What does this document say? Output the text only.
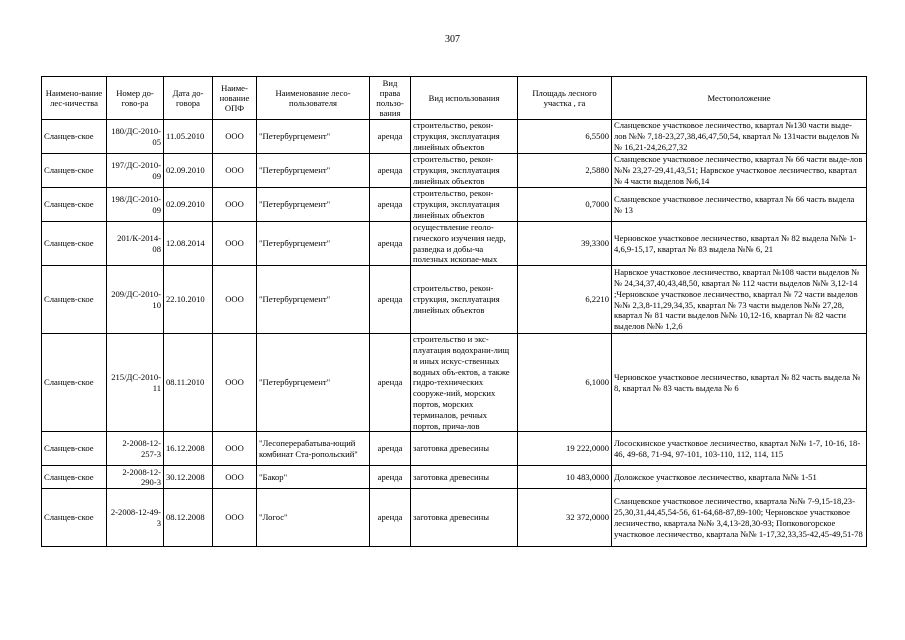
307
Наимено-вание лес-ничества	Номер до-гово-ра	Дата до-говора	Наиме-нование ОПФ	Наименование лесо-пользователя	Вид права пользо-вания	Вид использования	Площадь лесного участка , га	Местоположение
Сланцев-ское	180/ДС-2010-05	11.05.2010	ООО	"Петербургцемент"	аренда	строительство, рекон-струкция, эксплуатация линейных объектов	6,5500	Сланцевское участковое лесничество, квартал №130 части выде-лов №№ 7,18-23,27,38,46,47,50,54, квартал № 131части выделов №№ 16,21-24,26,27,32
Сланцев-ское	197/ДС-2010-09	02.09.2010	ООО	"Петербургцемент"	аренда	строительство, рекон-струкция, эксплуатация линейных объектов	2,5880	Сланцевское участковое лесничество, квартал № 66 части выде-лов №№ 23,27-29,41,43,51; Нарвское участковое лесничество, квартал № 4 части выделов №6,14
Сланцев-ское	198/ДС-2010-09	02.09.2010	ООО	"Петербургцемент"	аренда	строительство, рекон-струкция, эксплуатация линейных объектов	0,7000	Сланцевское участковое лесничество, квартал № 66 часть выдела № 13
Сланцев-ское	201/К-2014-08	12.08.2014	ООО	"Петербургцемент"	аренда	осуществление геоло-гического изучения недр, разведка и добы-ча полезных ископае-мых	39,3300	Черновское участковое лесничество, квартал № 82 выдела №№ 1-4,6,9-15,17, квартал № 83 выдела №№ 6, 21
Сланцев-ское	209/ДС-2010-10	22.10.2010	ООО	"Петербургцемент"	аренда	строительство, рекон-струкция, эксплуатация линейных объектов	6,2210	Нарвское участковое лесничество, квартал №108 части выделов №№ 24,34,37,40,43,48,50, квартал № 112 части выделов №№ 3,12-14 ;Черновское участковое лесничество, квартал № 72 части выделов №№ 2,3,8-11,29,34,35, квартал № 73 части выделов №№ 27,28, квартал № 81 части выделов №№ 10,12-16, квартал № 82 части выделов №№ 1,2,6
Сланцев-ское	215/ДС-2010-11	08.11.2010	ООО	"Петербургцемент"	аренда	строительство и экс-плуатация водохрани-лищ и иных искус-ственных водных объ-ектов, а также гидро-технических сооруже-ний, морских портов, морских терминалов, речных портов, прича-лов	6,1000	Черновское участковое лесничество, квартал № 82 часть выдела № 8, квартал № 83 часть выдела № 6
Сланцев-ское	2-2008-12-257-3	16.12.2008	ООО	"Лесоперерабатыва-ющий комбинат Ста-ропольский"	аренда	заготовка древесины	19 222,0000	Лососкинское участковое лесничество, квартал №№ 1-7, 10-16, 18-46, 49-68, 71-94, 97-101, 103-110, 112, 114, 115
Сланцев-ское	2-2008-12-290-3	30.12.2008	ООО	"Бакор"	аренда	заготовка древесины	10 483,0000	Доложское участковое лесничество, квартала №№ 1-51
Сланцев-ское	2-2008-12-49-3	08.12.2008	ООО	"Логос"	аренда	заготовка древесины	32 372,0000	Сланцевское участковое лесничество, квартала №№ 7-9,15-18,23-25,30,31,44,45,54-56, 61-64,68-87,89-100; Черновское участковое лесничество, квартала №№ 3,4,13-28,30-93; Попковогорское участковое лесничество, квартала №№ 1-17,32,33,35-42,45-49,51-78
